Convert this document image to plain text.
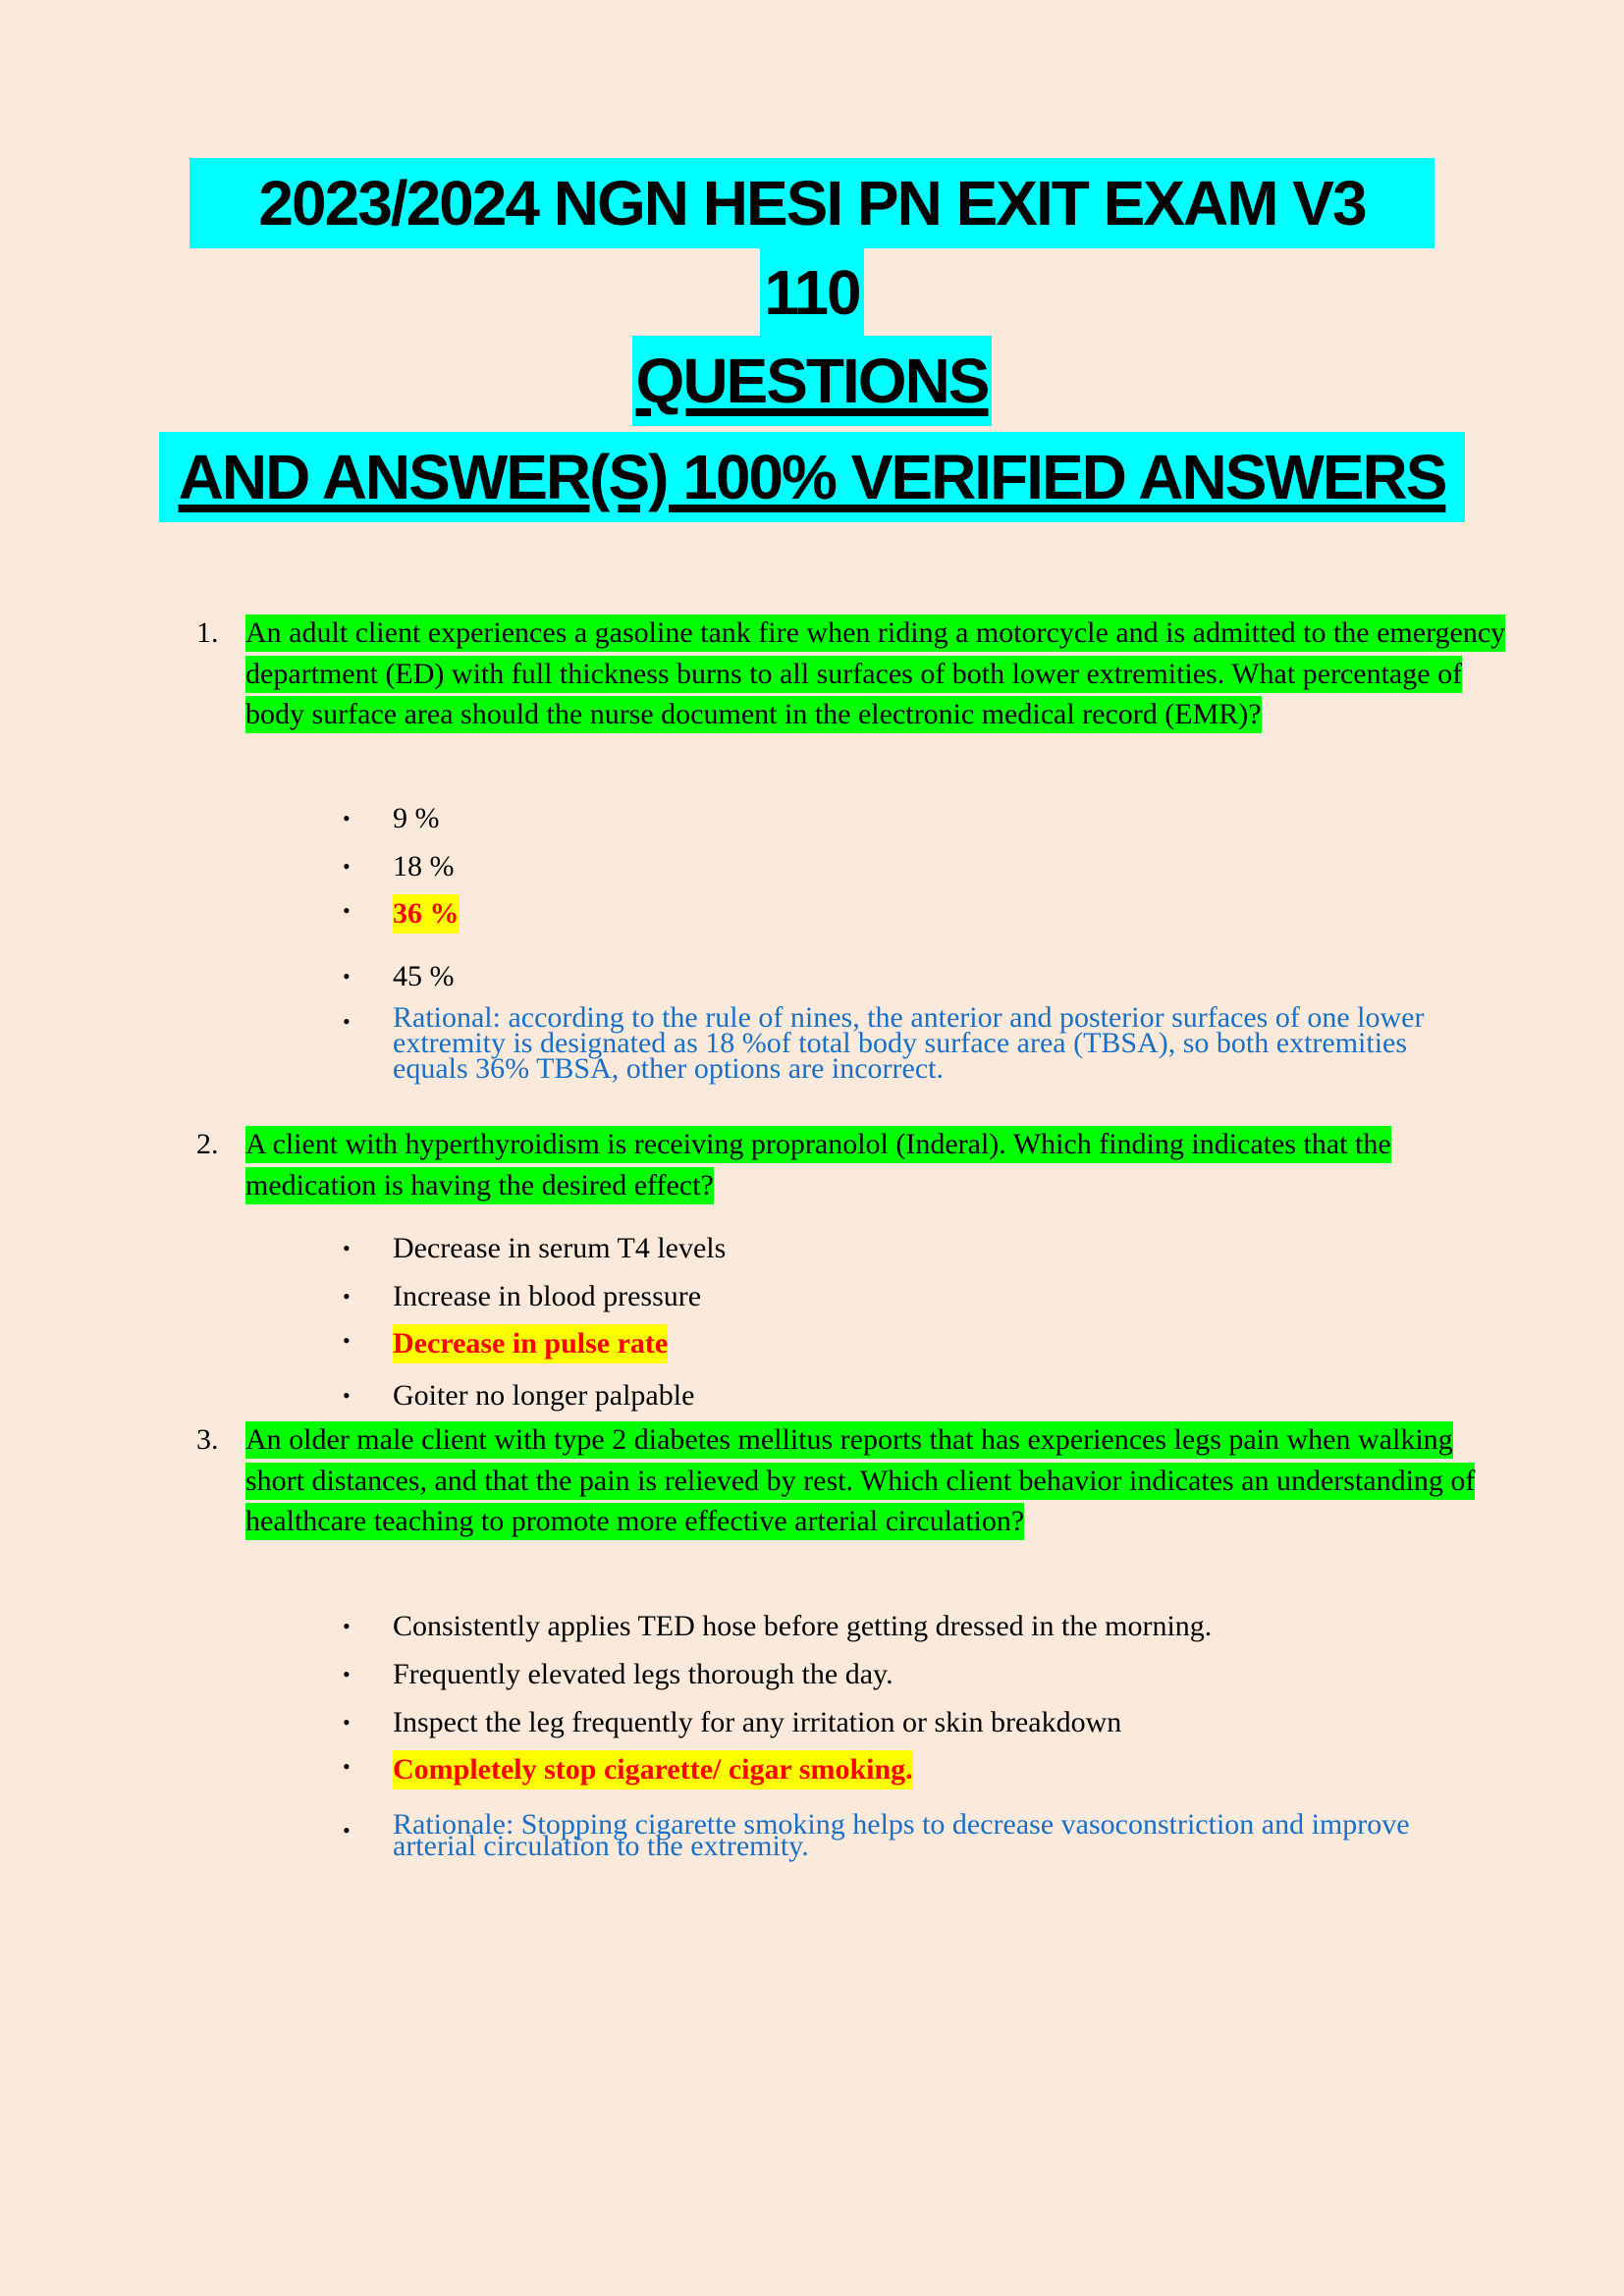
2023/2024 NGN HESI PN EXIT EXAM V3
110
QUESTIONS
AND ANSWER(S) 100% VERIFIED ANSWERS
1. An adult client experiences a gasoline tank fire when riding a motorcycle and is admitted to the emergency department (ED) with full thickness burns to all surfaces of both lower extremities. What percentage of body surface area should the nurse document in the electronic medical record (EMR)?
• 9 %
• 18 %
• 36 %
• 45 %
• Rational: according to the rule of nines, the anterior and posterior surfaces of one lower extremity is designated as 18 %of total body surface area (TBSA), so both extremities equals 36% TBSA, other options are incorrect.
2. A client with hyperthyroidism is receiving propranolol (Inderal). Which finding indicates that the medication is having the desired effect?
• Decrease in serum T4 levels
• Increase in blood pressure
• Decrease in pulse rate
• Goiter no longer palpable
3. An older male client with type 2 diabetes mellitus reports that has experiences legs pain when walking short distances, and that the pain is relieved by rest. Which client behavior indicates an understanding of healthcare teaching to promote more effective arterial circulation?
• Consistently applies TED hose before getting dressed in the morning.
• Frequently elevated legs thorough the day.
• Inspect the leg frequently for any irritation or skin breakdown
• Completely stop cigarette/ cigar smoking.
• Rationale: Stopping cigarette smoking helps to decrease vasoconstriction and improve arterial circulation to the extremity.
